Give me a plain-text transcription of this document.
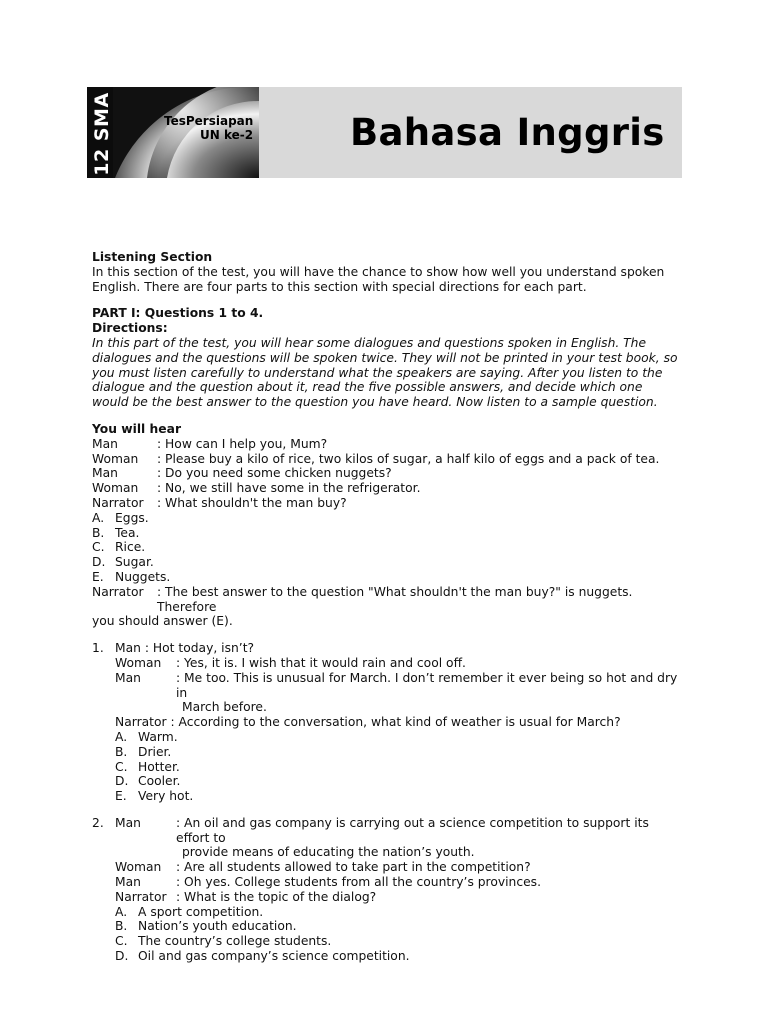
12 SMA	TesPersiapan
UN ke-2	Bahasa Inggris

Listening Section

In this section of the test, you will have the chance to show how well you understand spoken English. There are four parts to this section with special directions for each part.

PART I: Questions 1 to 4.

Directions:

In this part of the test, you will hear some dialogues and questions spoken in English. The dialogues and the questions will be spoken twice. They will not be printed in your test book, so you must listen carefully to understand what the speakers are saying. After you listen to the dialogue and the question about it, read the five possible answers, and decide which one would be the best answer to the question you have heard. Now listen to a sample question.

You will hear

Man	: How can I help you, Mum?
Woman	: Please buy a kilo of rice, two kilos of sugar, a half kilo of eggs and a pack of tea.
Man	: Do you need some chicken nuggets?
Woman	: No, we still have some in the refrigerator.
Narrator	: What shouldn't the man buy?
A. Eggs.
B. Tea.
C. Rice.
D. Sugar.
E. Nuggets.
Narrator	: The best answer to the question "What shouldn't the man buy?" is nuggets. Therefore

you should answer (E).

1. Man : Hot today, isn’t?

Woman	: Yes, it is. I wish that it would rain and cool off.
Man	: Me too. This is unusual for March. I don’t remember it ever being so hot and dry in

March before.

Narrator : According to the conversation, what kind of weather is usual for March?

A. Warm.
B. Drier.
C. Hotter.
D. Cooler.
E. Very hot.
2. Man	: An oil and gas company is carrying out a science competition to support its effort to

provide means of educating the nation’s youth.

Woman	: Are all students allowed to take part in the competition?
Man	: Oh yes. College students from all the country’s provinces.
Narrator : What is the topic of the dialog?
A. A sport competition.
B. Nation’s youth education.
C. The country’s college students.
D. Oil and gas company’s science competition.
